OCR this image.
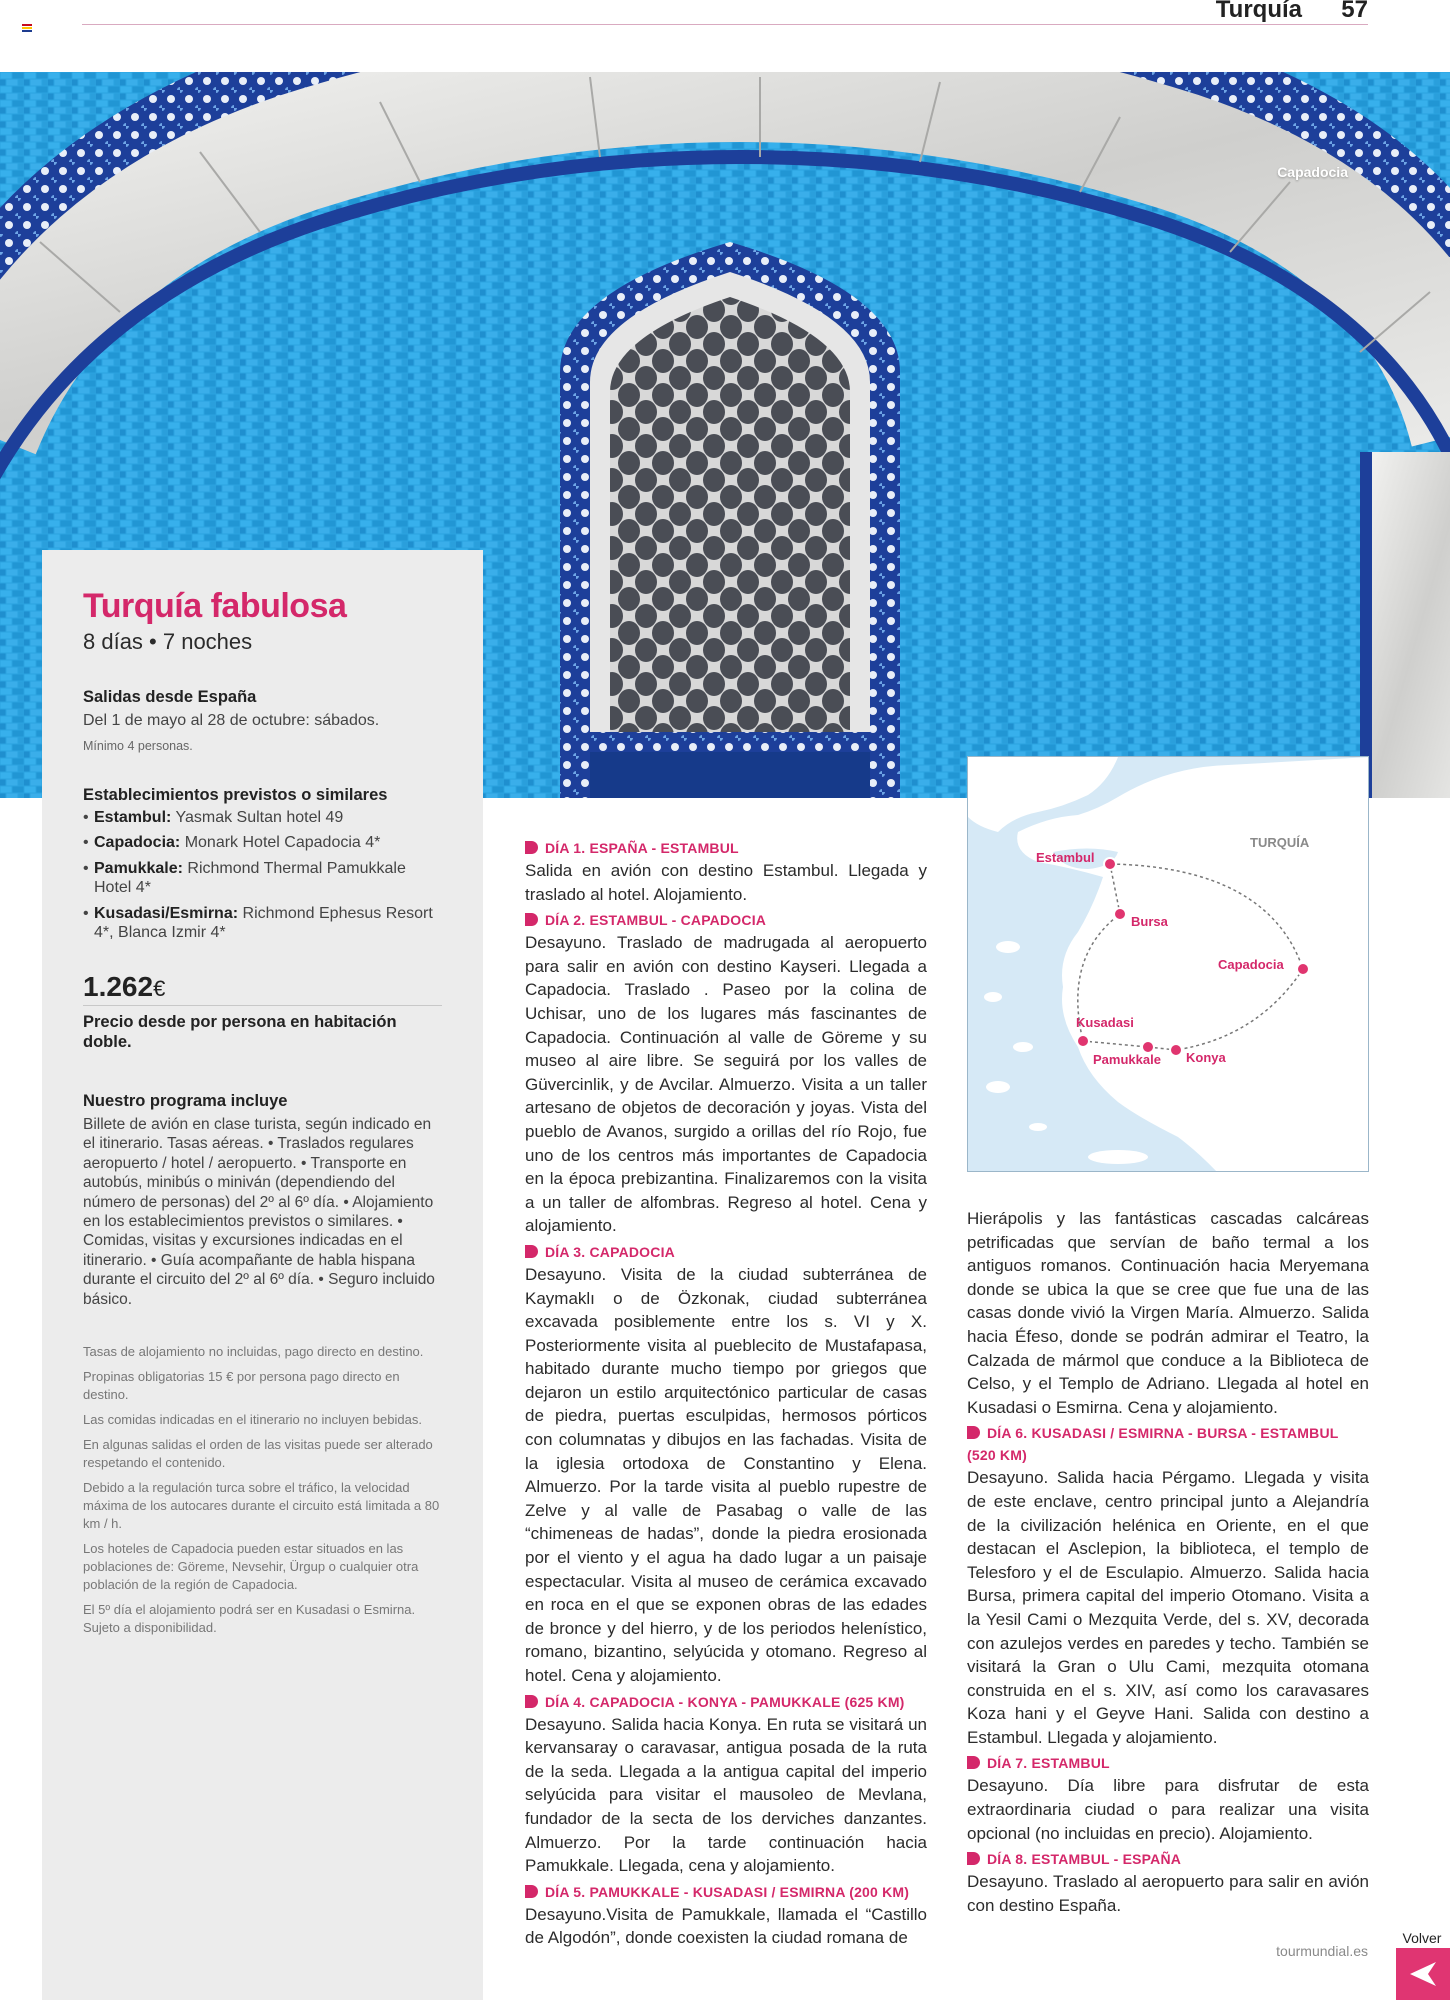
Turquía 57
Capadocia
Turquía fabulosa
8 días • 7 noches
Salidas desde España
Del 1 de mayo al 28 de octubre: sábados.
Mínimo 4 personas.
Establecimientos previstos o similares
• Estambul: Yasmak Sultan hotel 49
• Capadocia: Monark Hotel Capadocia 4*
• Pamukkale: Richmond Thermal Pamukkale Hotel 4*
• Kusadasi/Esmirna: Richmond Ephesus Resort 4*, Blanca Izmir 4*
1.262€
Precio desde por persona en habitación doble.
Nuestro programa incluye
Billete de avión en clase turista, según indicado en el itinerario. Tasas aéreas. • Traslados regulares aeropuerto / hotel / aeropuerto. • Transporte en autobús, minibús o miniván (dependiendo del número de personas) del 2º al 6º día. • Alojamiento en los establecimientos previstos o similares. • Comidas, visitas y excursiones indicadas en el itinerario. • Guía acompañante de habla hispana durante el circuito del 2º al 6º día. • Seguro incluido básico.

Tasas de alojamiento no incluidas, pago directo en destino.

Propinas obligatorias 15 € por persona pago directo en destino.

Las comidas indicadas en el itinerario no incluyen bebidas.

En algunas salidas el orden de las visitas puede ser alterado respetando el contenido.

Debido a la regulación turca sobre el tráfico, la velocidad máxima de los autocares durante el circuito está limitada a 80 km / h.

Los hoteles de Capadocia pueden estar situados en las poblaciones de: Göreme, Nevsehir, Ürgup o cualquier otra población de la región de Capadocia.

El 5º día el alojamiento podrá ser en Kusadasi o Esmirna. Sujeto a disponibilidad.

Estambul
Bursa
Capadocia
Kusadasi
Pamukkale Konya
TURQUÍA
DÍA 1. ESPAÑA - ESTAMBUL
Salida en avión con destino Estambul. Llegada y traslado al hotel. Alojamiento.
DÍA 2. ESTAMBUL - CAPADOCIA
Desayuno. Traslado de madrugada al aeropuerto para salir en avión con destino Kayseri. Llegada a Capadocia. Traslado . Paseo por la colina de Uchisar, uno de los lugares más fascinantes de Capadocia. Continuación al valle de Göreme y su museo al aire libre. Se seguirá por los valles de Güvercinlik, y de Avcilar. Almuerzo. Visita a un taller artesano de objetos de decoración y joyas. Vista del pueblo de Avanos, surgido a orillas del río Rojo, fue uno de los centros más importantes de Capadocia en la época prebizantina. Finalizaremos con la visita a un taller de alfombras. Regreso al hotel. Cena y alojamiento.
DÍA 3. CAPADOCIA
Desayuno. Visita de la ciudad subterránea de Kaymaklı o de Özkonak, ciudad subterránea excavada posiblemente entre los s. VI y X. Posteriormente visita al pueblecito de Mustafapasa, habitado durante mucho tiempo por griegos que dejaron un estilo arquitectónico particular de casas de piedra, puertas esculpidas, hermosos pórticos con columnatas y dibujos en las fachadas. Visita de la iglesia ortodoxa de Constantino y Elena. Almuerzo. Por la tarde visita al pueblo rupestre de Zelve y al valle de Pasabag o valle de las “chimeneas de hadas”, donde la piedra erosionada por el viento y el agua ha dado lugar a un paisaje espectacular. Visita al museo de cerámica excavado en roca en el que se exponen obras de las edades de bronce y del hierro, y de los periodos helenístico, romano, bizantino, selyúcida y otomano. Regreso al hotel. Cena y alojamiento.
DÍA 4. CAPADOCIA - KONYA - PAMUKKALE (625 KM)
Desayuno. Salida hacia Konya. En ruta se visitará un kervansaray o caravasar, antigua posada de la ruta de la seda. Llegada a la antigua capital del imperio selyúcida para visitar el mausoleo de Mevlana, fundador de la secta de los derviches danzantes. Almuerzo. Por la tarde continuación hacia Pamukkale. Llegada, cena y alojamiento.
DÍA 5. PAMUKKALE - KUSADASI / ESMIRNA (200 KM)
Desayuno.Visita de Pamukkale, llamada el “Castillo de Algodón”, donde coexisten la ciudad romana de
Hierápolis y las fantásticas cascadas calcáreas petrificadas que servían de baño termal a los antiguos romanos. Continuación hacia Meryemana donde se ubica la que se cree que fue una de las casas donde vivió la Virgen María. Almuerzo. Salida hacia Éfeso, donde se podrán admirar el Teatro, la Calzada de mármol que conduce a la Biblioteca de Celso, y el Templo de Adriano. Llegada al hotel en Kusadasi o Esmirna. Cena y alojamiento.
DÍA 6. KUSADASI / ESMIRNA - BURSA - ESTAMBUL (520 KM)
Desayuno. Salida hacia Pérgamo. Llegada y visita de este enclave, centro principal junto a Alejandría de la civilización helénica en Oriente, en el que destacan el Asclepion, la biblioteca, el templo de Telesforo y el de Esculapio. Almuerzo. Salida hacia Bursa, primera capital del imperio Otomano. Visita a la Yesil Cami o Mezquita Verde, del s. XV, decorada con azulejos verdes en paredes y techo. También se visitará la Gran o Ulu Cami, mezquita otomana construida en el s. XIV, así como los caravasares Koza hani y el Geyve Hani. Salida con destino a Estambul. Llegada y alojamiento.
DÍA 7. ESTAMBUL
Desayuno. Día libre para disfrutar de esta extraordinaria ciudad o para realizar una visita opcional (no incluidas en precio). Alojamiento.
DÍA 8. ESTAMBUL - ESPAÑA
Desayuno. Traslado al aeropuerto para salir en avión con destino España.
tourmundial.es
Volver
